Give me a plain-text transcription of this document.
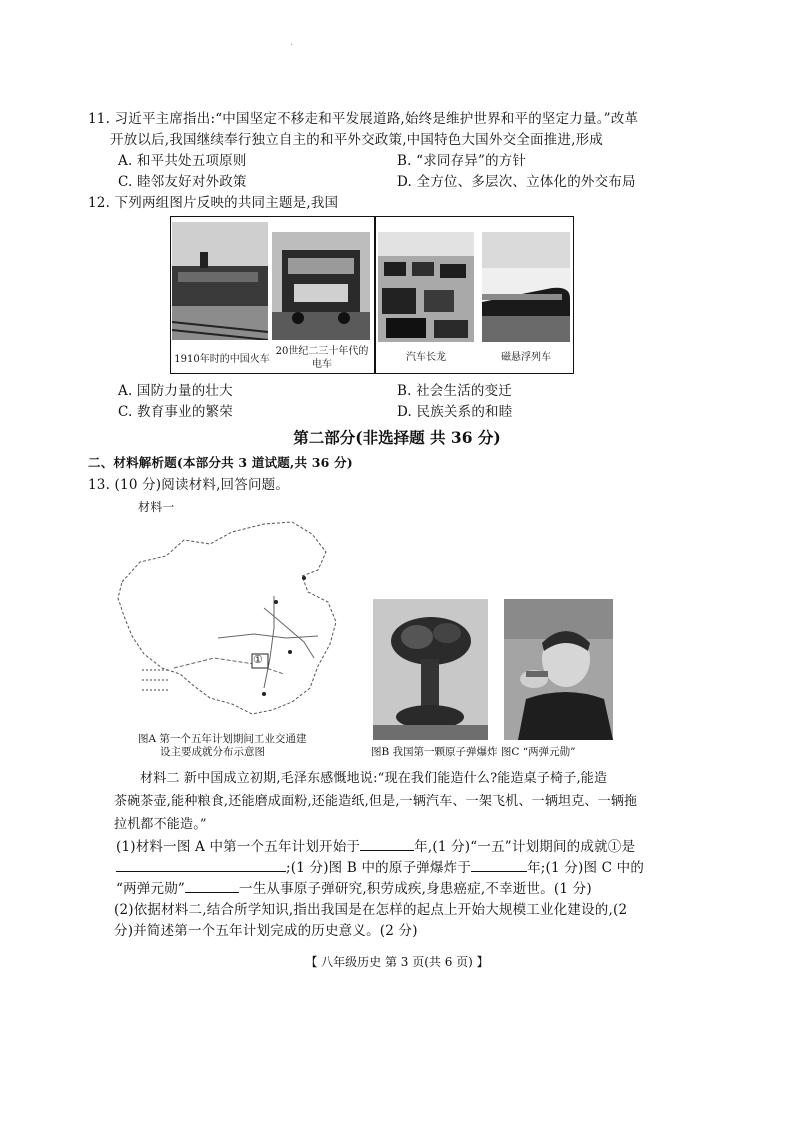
·
11. 习近平主席指出:“中国坚定不移走和平发展道路,始终是维护世界和平的坚定力量。”改革
开放以后,我国继续奉行独立自主的和平外交政策,中国特色大国外交全面推进,形成
A. 和平共处五项原则	B. “求同存异”的方针
C. 睦邻友好对外政策	D. 全方位、多层次、立体化的外交布局
12. 下列两组图片反映的共同主题是,我国
1910年时的中国火车
20世纪二三十年代的
电车
汽车长龙	磁悬浮列车
A. 国防力量的壮大	B. 社会生活的变迁
C. 教育事业的繁荣	D. 民族关系的和睦
第二部分(非选择题 共 36 分)
二、材料解析题(本部分共 3 道试题,共 36 分)
13. (10 分)阅读材料,回答问题。
材料一
①
图A 第一个五年计划期间工业交通建
设主要成就分布示意图	图B 我国第一颗原子弹爆炸 图C “两弹元勋”
材料二 新中国成立初期,毛泽东感慨地说:“现在我们能造什么?能造桌子椅子,能造
茶碗茶壶,能种粮食,还能磨成面粉,还能造纸,但是,一辆汽车、一架飞机、一辆坦克、一辆拖
拉机都不能造。”
(1)材料一图 A 中第一个五年计划开始于	年,(1 分)“一五”计划期间的成就①是
;(1 分)图 B 中的原子弹爆炸于	年;(1 分)图 C 中的
“两弹元勋”	一生从事原子弹研究,积劳成疾,身患癌症,不幸逝世。(1 分)
(2)依据材料二,结合所学知识,指出我国是在怎样的起点上开始大规模工业化建设的,(2
分)并简述第一个五年计划完成的历史意义。(2 分)
【 八年级历史 第 3 页(共 6 页) 】
